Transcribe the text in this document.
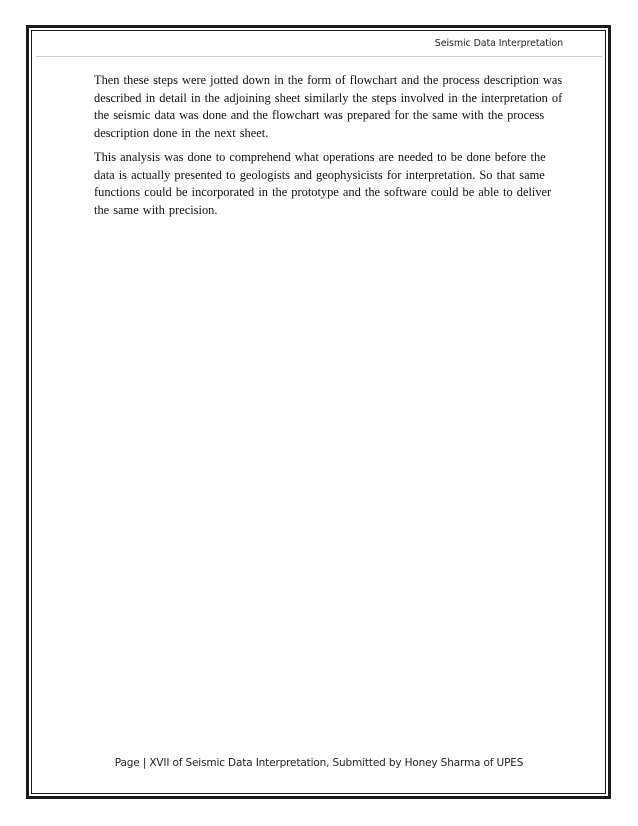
Seismic Data Interpretation

Then these steps were jotted down in the form of flowchart and the process description was described in detail in the adjoining sheet similarly the steps involved in the interpretation of the seismic data was done and the flowchart was prepared for the same with the process description done in the next sheet.

This analysis was done to comprehend what operations are needed to be done before the data is actually presented to geologists and geophysicists for interpretation. So that same functions could be incorporated in the prototype and the software could be able to deliver the same with precision.

Page | XVII of Seismic Data Interpretation, Submitted by Honey Sharma of UPES
